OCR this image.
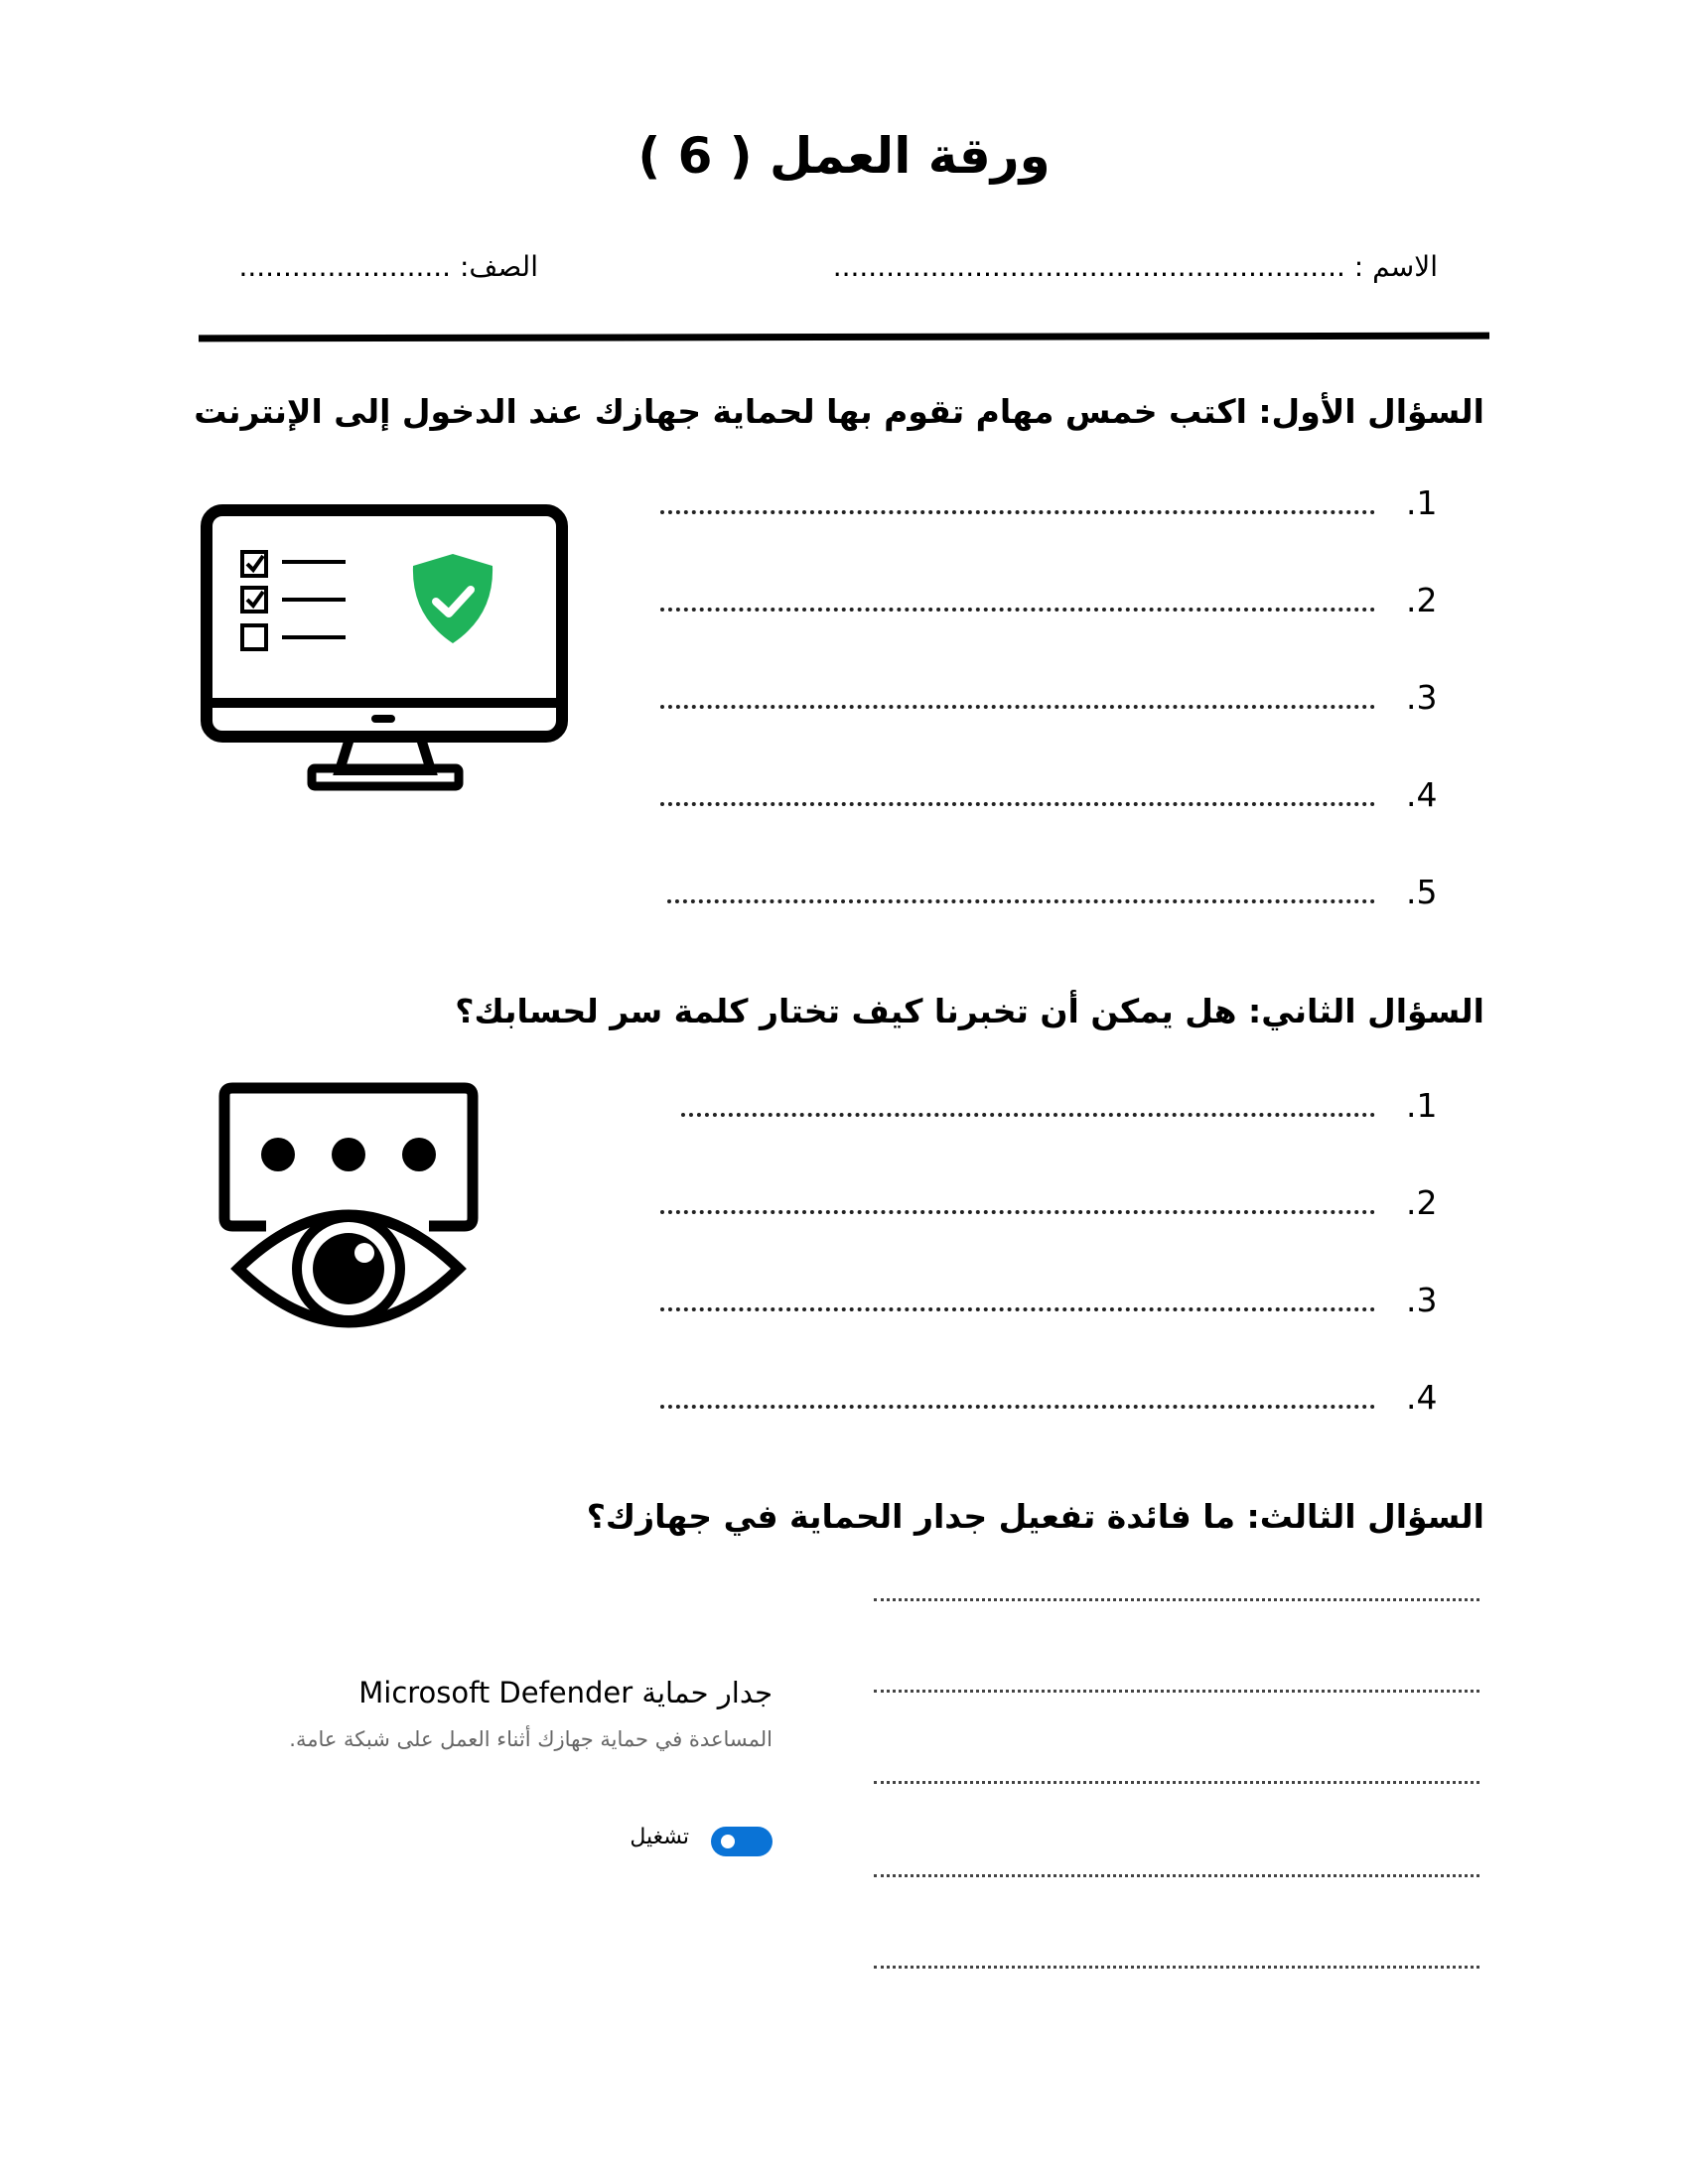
ورقة العمل ( 6 )
الاسم : ..........................................................
الصف: ........................
السؤال الأول: اكتب خمس مهام تقوم بها لحماية جهازك عند الدخول إلى الإنترنت
.1
.2
.3
.4
.5
السؤال الثاني: هل يمكن أن تخبرنا كيف تختار كلمة سر لحسابك؟
.1
.2
.3
.4
السؤال الثالث: ما فائدة تفعيل جدار الحماية في جهازك؟
جدار حماية Microsoft Defender
المساعدة في حماية جهازك أثناء العمل على شبكة عامة.
تشغيل
